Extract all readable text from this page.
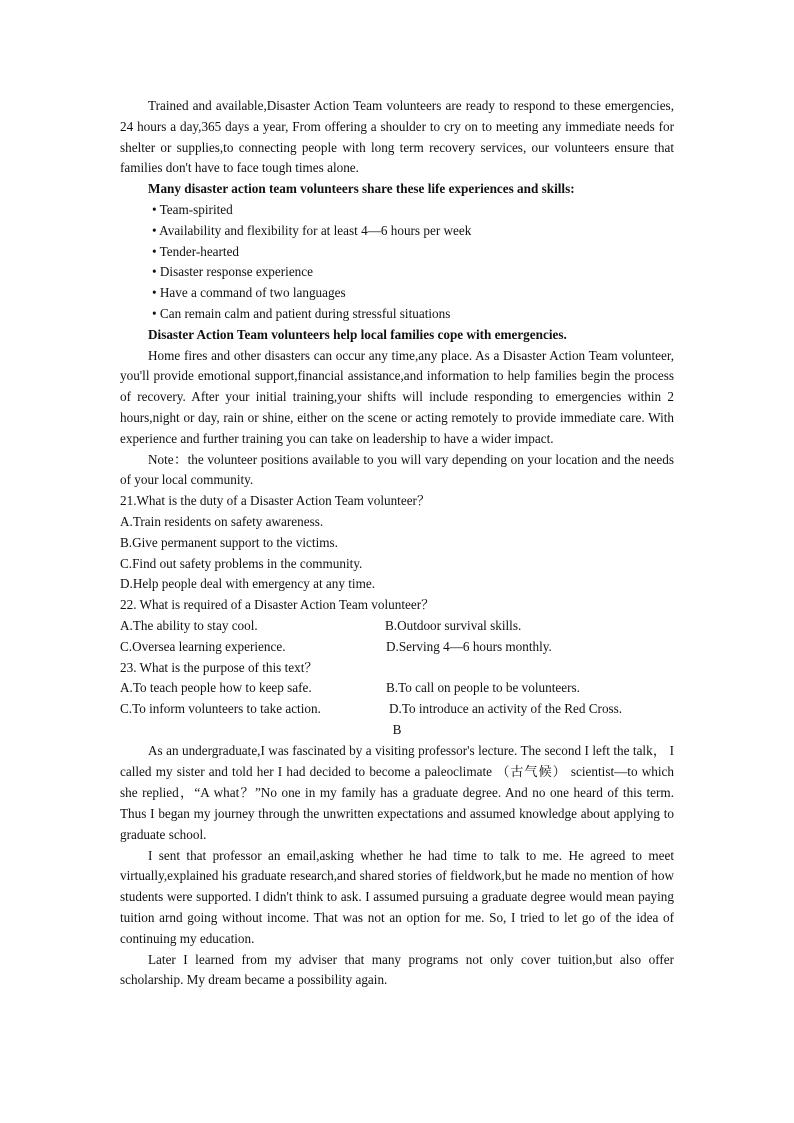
Trained and available,Disaster Action Team volunteers are ready to respond to these emergencies, 24 hours a day,365 days a year, From offering a shoulder to cry on to meeting any immediate needs for shelter or supplies,to connecting people with long term recovery services, our volunteers ensure that families don't have to face tough times alone.

Many disaster action team volunteers share these life experiences and skills:

• Team-spirited

• Availability and flexibility for at least 4—6 hours per week

• Tender-hearted

• Disaster response experience

• Have a command of two languages

• Can remain calm and patient during stressful situations

Disaster Action Team volunteers help local families cope with emergencies.

Home fires and other disasters can occur any time,any place. As a Disaster Action Team volunteer, you'll provide emotional support,financial assistance,and information to help families begin the process of recovery. After your initial training,your shifts will include responding to emergencies within 2 hours,night or day, rain or shine, either on the scene or acting remotely to provide immediate care. With experience and further training you can take on leadership to have a wider impact.

Note：the volunteer positions available to you will vary depending on your location and the needs of your local community.

21.What is the duty of a Disaster Action Team volunteer？

A.Train residents on safety awareness.

B.Give permanent support to the victims.

C.Find out safety problems in the community.

D.Help people deal with emergency at any time.

22. What is required of a Disaster Action Team volunteer？

A.The ability to stay cool.	B.Outdoor survival skills.
C.Oversea learning experience.	D.Serving 4—6 hours monthly.

23. What is the purpose of this text？

A.To teach people how to keep safe.	B.To call on people to be volunteers.
C.To inform volunteers to take action.	D.To introduce an activity of the Red Cross.

B

As an undergraduate,I was fascinated by a visiting professor's lecture. The second I left the talk， I called my sister and told her I had decided to become a paleoclimate （古气候） scientist—to which she replied，“A what？”No one in my family has a graduate degree. And no one heard of this term. Thus I began my journey through the unwritten expectations and assumed knowledge about applying to graduate school.

I sent that professor an email,asking whether he had time to talk to me. He agreed to meet virtually,explained his graduate research,and shared stories of fieldwork,but he made no mention of how students were supported. I didn't think to ask. I assumed pursuing a graduate degree would mean paying tuition arnd going without income. That was not an option for me. So, I tried to let go of the idea of continuing my education.

Later I learned from my adviser that many programs not only cover tuition,but also offer scholarship. My dream became a possibility again.
